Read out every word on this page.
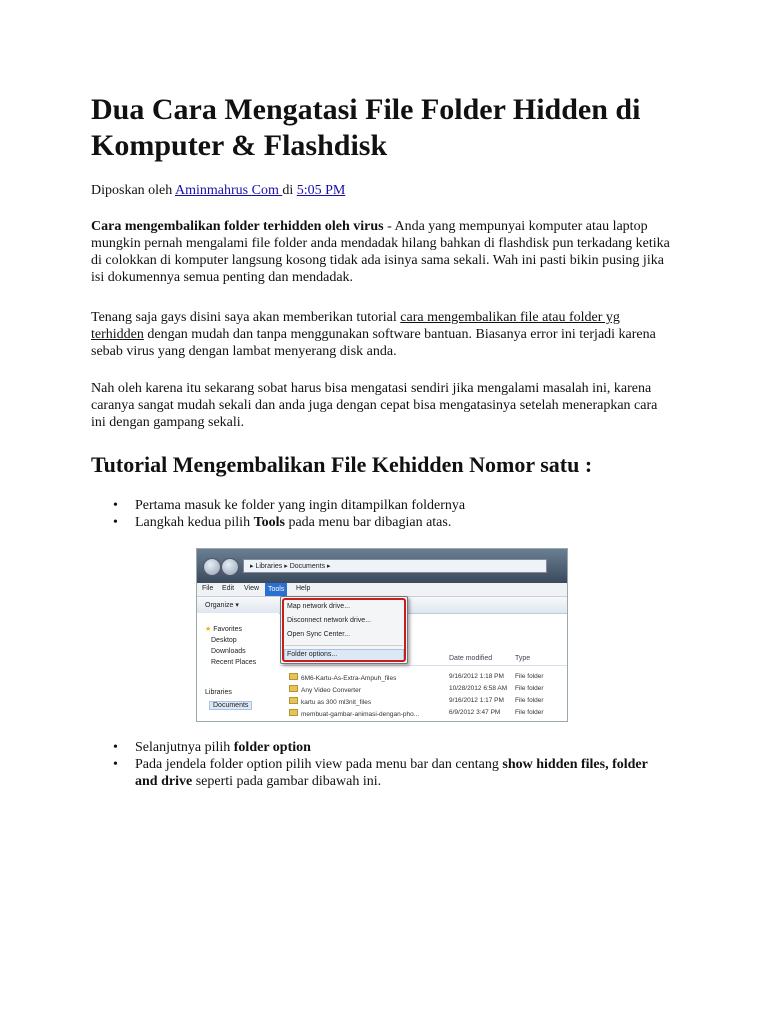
Dua Cara Mengatasi File Folder Hidden di Komputer & Flashdisk
Diposkan oleh Aminmahrus Com di 5:05 PM

Cara mengembalikan folder terhidden oleh virus - Anda yang mempunyai komputer atau laptop mungkin pernah mengalami file folder anda mendadak hilang bahkan di flashdisk pun terkadang ketika di colokkan di komputer langsung kosong tidak ada isinya sama sekali. Wah ini pasti bikin pusing jika isi dokumennya semua penting dan mendadak.

Tenang saja gays disini saya akan memberikan tutorial cara mengembalikan file atau folder yg terhidden dengan mudah dan tanpa menggunakan software bantuan. Biasanya error ini terjadi karena sebab virus yang dengan lambat menyerang disk anda.

Nah oleh karena itu sekarang sobat harus bisa mengatasi sendiri jika mengalami masalah ini, karena caranya sangat mudah sekali dan anda juga dengan cepat bisa mengatasinya setelah menerapkan cara ini dengan gampang sekali.

Tutorial Mengembalikan File Kehidden Nomor satu :
• Pertama masuk ke folder yang ingin ditampilkan foldernya
• Langkah kedua pilih Tools pada menu bar dibagian atas.
• Selanjutnya pilih folder option
• Pada jendela folder option pilih view pada menu bar dan centang show hidden files, folder and drive seperti pada gambar dibawah ini.
▸ Libraries ▸ Documents ▸
File Edit View	Tools	Help
Organize ▾
★ Favorites
Desktop
Downloads
Recent Places
Libraries
Documents
Date modified	Type
6M6-Kartu-As-Extra-Ampuh_files	9/16/2012 1:18 PM File folder
Any Video Converter	10/28/2012 6:58 AM File folder
kartu as 300 ml3nit_files	9/16/2012 1:17 PM File folder
membuat-gambar-animasi-dengan-pho...	6/9/2012 3:47 PM File folder
Map network drive...
Disconnect network drive...
Open Sync Center...
Folder options...
